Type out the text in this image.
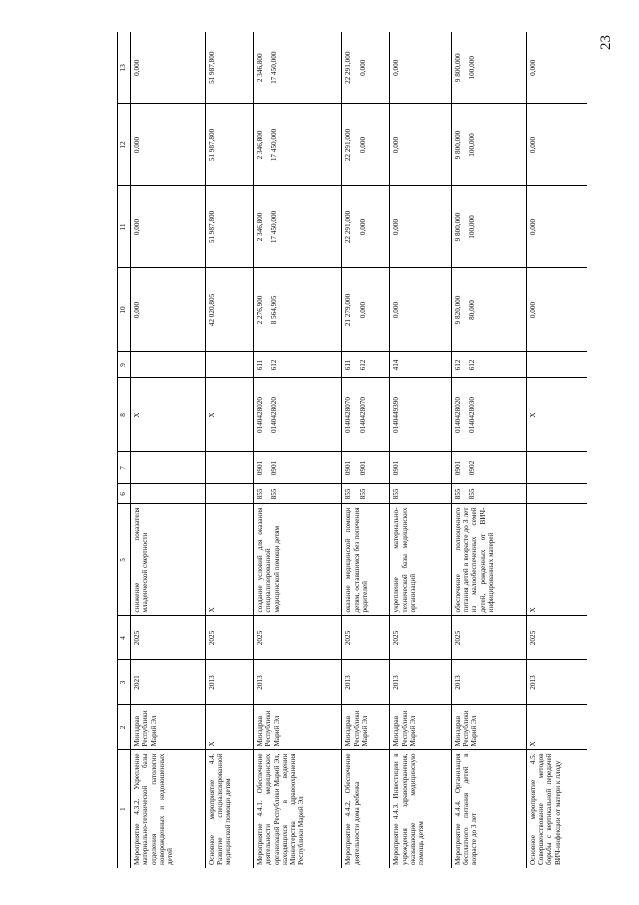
23
1	2	3	4	5	6	7	8	9	10	11	12	13
Мероприятие 4.3.2. Укрепление материально-технической базы отделения патологии новорожденных и недоношенных детей	Минздрав Республики Марий Эл	2021	2025	снижение показателя младенческой смертности			X		0,000	0,000	0,000	0,000

Основное мероприятие 4.4. Развитие специализированной медицинской помощи детям	X	2013	2025	X			X		42 020,805	51 987,800	51 987,800	51 987,800

Мероприятие 4.4.1. Обеспечение деятельности медицинских организаций Республики Марий Эл, находящихся в ведении Министерства здравоохранения Республики Марий Эл	Минздрав Республики Марий Эл	2013	2025	создание условий для оказания специализированной медицинской помощи детям	855 855	0901 0901	0140428020 0140428020	611 612	2 276,900 8 564,905	2 346,800 17 450,000	2 346,800 17 450,000	2 346,800 17 450,000

Мероприятие 4.4.2. Обеспечение деятельности дома ребенка	Минздрав Республики Марий Эл	2013	2025	оказание медицинской помощи детям, оставшимся без попечения родителей	855 855	0901 0901	0140428070 0140428070	611 612	21 279,000 0,000	22 291,000 0,000	22 291,000 0,000	22 291,000 0,000

Мероприятие 4.4.3. Инвестиции в учреждения здравоохранения, оказывающие медицинскую помощь детям	Минздрав Республики Марий Эл	2013	2025	укрепление материально-технической базы медицинских организаций	855	0901	0140449390	414	0,000	0,000	0,000	0,000

Мероприятие 4.4.4. Организация бесплатного питания детей в возрасте до 3 лет	Минздрав Республики Марий Эл	2013	2025	обеспечение полноценного питания детей в возрасте до 3 лет из малообеспеченных семей детей, рожденных от ВИЧ-инфицированных матерей	855 855	0901 0902	0140428020 0140428030	612 612	9 820,000 80,000	9 800,000 100,000	9 800,000 100,000	9 800,000 100,000

Основное мероприятие 4.5. Совершенствование методов борьбы с вертикальной передачей ВИЧ-инфекции от матери к плоду	X	2013	2025	X			X		0,000	0,000	0,000	0,000
